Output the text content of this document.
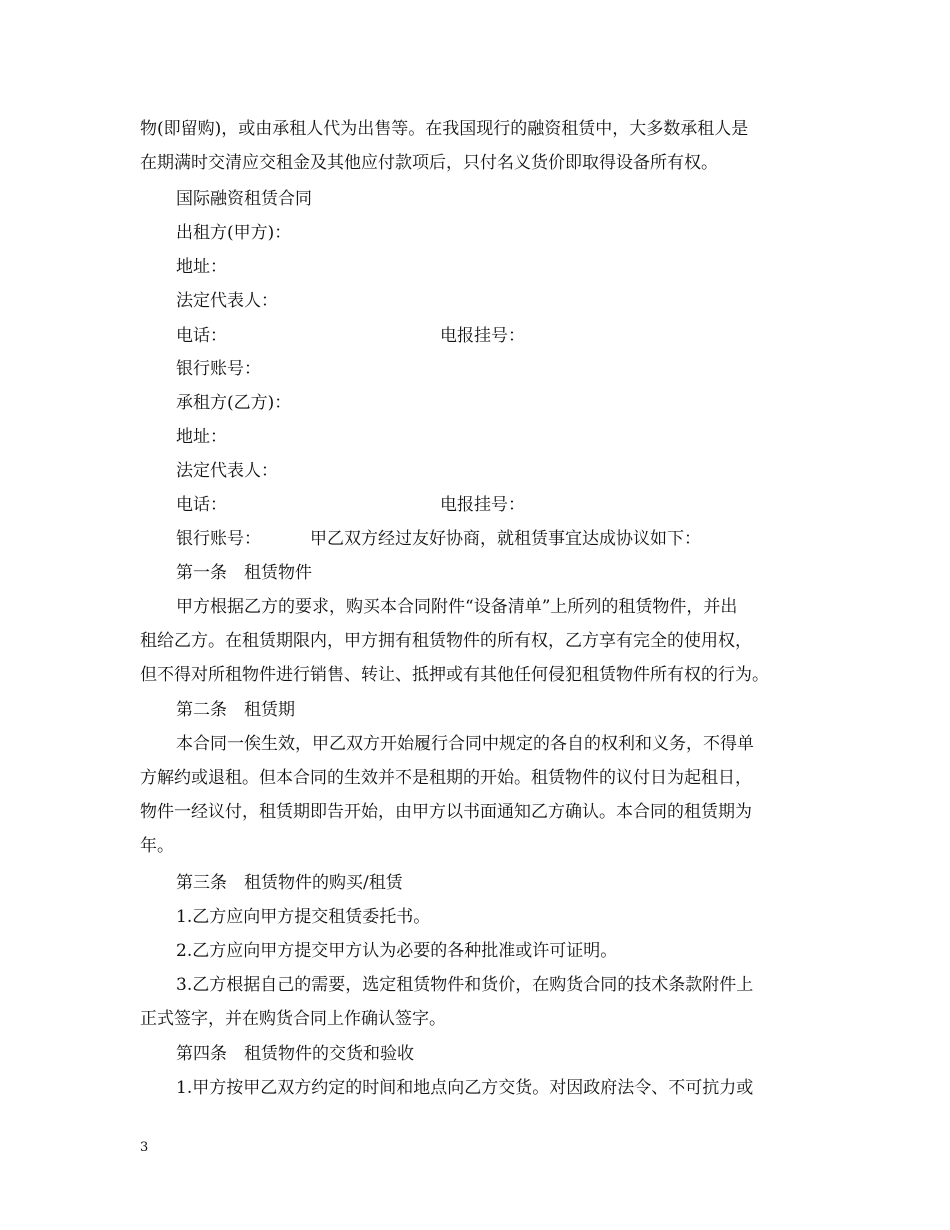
物(即留购)，或由承租人代为出售等。在我国现行的融资租赁中，大多数承租人是
在期满时交清应交租金及其他应付款项后，只付名义货价即取得设备所有权。
国际融资租赁合同
出租方(甲方)：
地址：
法定代表人：
电话：	电报挂号：
银行账号：
承租方(乙方)：
地址：
法定代表人：
电话：	电报挂号：
银行账号：	甲乙双方经过友好协商，就租赁事宜达成协议如下：
第一条　租赁物件
甲方根据乙方的要求，购买本合同附件“设备清单”上所列的租赁物件，并出
租给乙方。在租赁期限内，甲方拥有租赁物件的所有权，乙方享有完全的使用权，
但不得对所租物件进行销售、转让、抵押或有其他任何侵犯租赁物件所有权的行为。
第二条　租赁期
本合同一俟生效，甲乙双方开始履行合同中规定的各自的权利和义务，不得单
方解约或退租。但本合同的生效并不是租期的开始。租赁物件的议付日为起租日，
物件一经议付，租赁期即告开始，由甲方以书面通知乙方确认。本合同的租赁期为
年。
第三条　租赁物件的购买/租赁
1.乙方应向甲方提交租赁委托书。
2.乙方应向甲方提交甲方认为必要的各种批准或许可证明。
3.乙方根据自己的需要，选定租赁物件和货价，在购货合同的技术条款附件上
正式签字，并在购货合同上作确认签字。
第四条　租赁物件的交货和验收
1.甲方按甲乙双方约定的时间和地点向乙方交货。对因政府法令、不可抗力或
3
